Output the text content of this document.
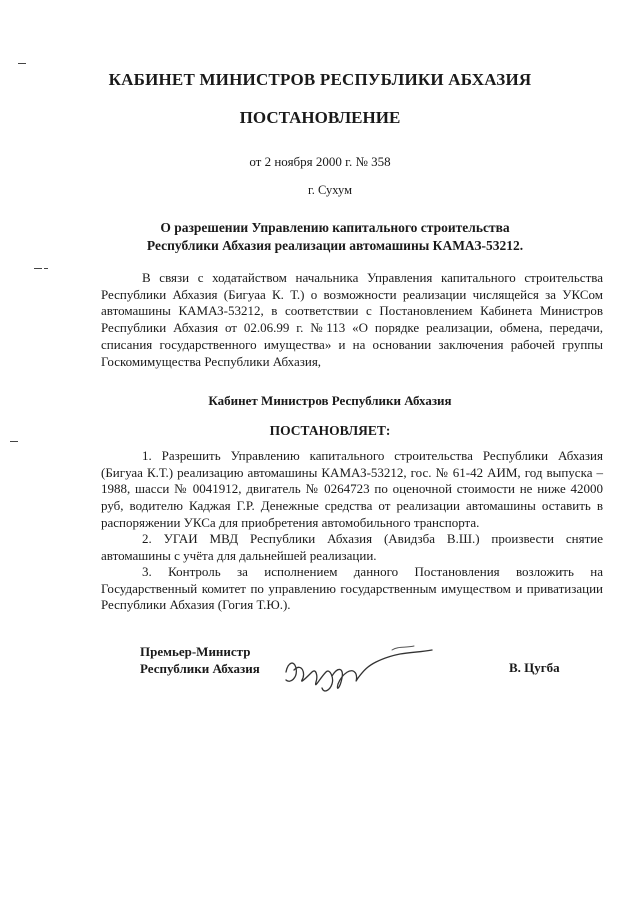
КАБИНЕТ МИНИСТРОВ РЕСПУБЛИКИ АБХАЗИЯ
ПОСТАНОВЛЕНИЕ
от 2 ноября 2000 г. № 358
г. Сухум
О разрешении Управлению капитального строительства
Республики Абхазия реализации автомашины КАМАЗ-53212.

В связи с ходатайством начальника Управления капитального строительства Республики Абхазия (Бигуаа К. Т.) о возможности реализации числящейся за УКСом автомашины КАМАЗ-53212, в соответствии с Постановлением Кабинета Министров Республики Абхазия от 02.06.99 г. №113 «О порядке реализации, обмена, передачи, списания государственного имущества» и на основании заключения рабочей группы Госкомимущества Республики Абхазия,

Кабинет Министров Республики Абхазия
ПОСТАНОВЛЯЕТ:

1. Разрешить Управлению капитального строительства Республики Абхазия (Бигуаа К.Т.) реализацию автомашины КАМАЗ-53212, гос. № 61-42 АИМ, год выпуска – 1988, шасси № 0041912, двигатель № 0264723 по оценочной стоимости не ниже 42000 руб, водителю Каджая Г.Р. Денежные средства от реализации автомашины оставить в распоряжении УКСа для приобретения автомобильного транспорта.

2. УГАИ МВД Республики Абхазия (Авидзба В.Ш.) произвести снятие автомашины с учёта для дальнейшей реализации.

3. Контроль за исполнением данного Постановления возложить на Государственный комитет по управлению государственным имуществом и приватизации Республики Абхазия (Гогия Т.Ю.).

Премьер-Министр
Республики Абхазия	В. Цугба
